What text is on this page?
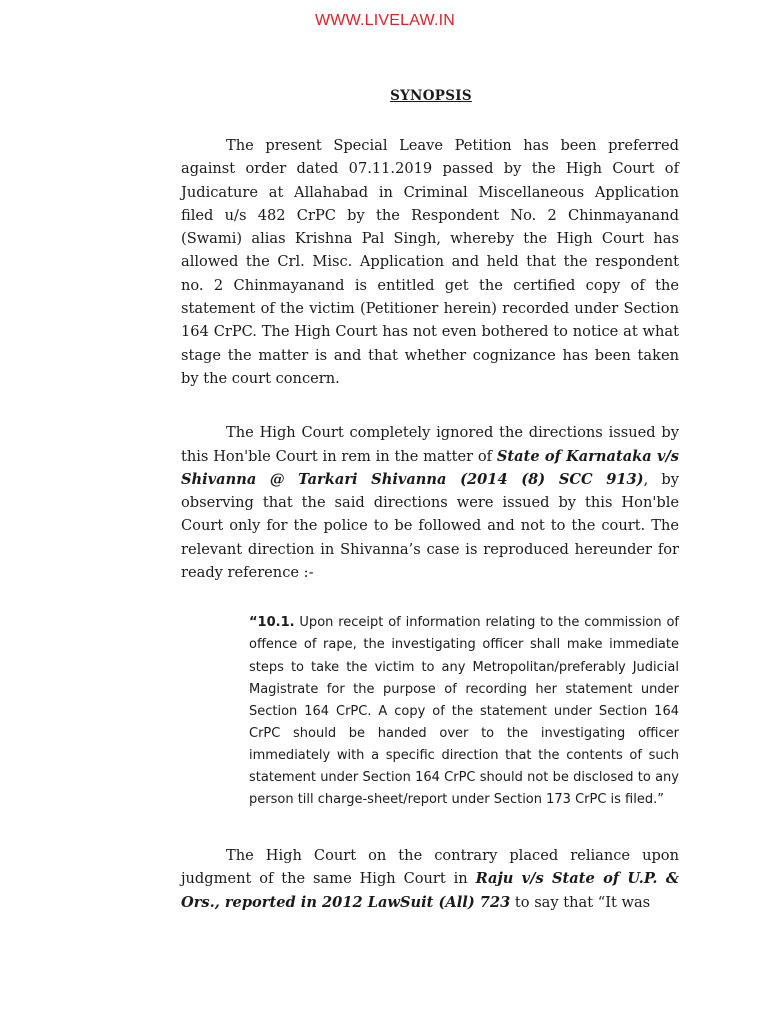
WWW.LIVELAW.IN
SYNOPSIS

The present Special Leave Petition has been preferred against order dated 07.11.2019 passed by the High Court of Judicature at Allahabad in Criminal Miscellaneous Application filed u/s 482 CrPC by the Respondent No. 2 Chinmayanand (Swami) alias Krishna Pal Singh, whereby the High Court has allowed the Crl. Misc. Application and held that the respondent no. 2 Chinmayanand is entitled get the certified copy of the statement of the victim (Petitioner herein) recorded under Section 164 CrPC. The High Court has not even bothered to notice at what stage the matter is and that whether cognizance has been taken by the court concern.

The High Court completely ignored the directions issued by this Hon'ble Court in rem in the matter of State of Karnataka v/s Shivanna @ Tarkari Shivanna (2014 (8) SCC 913), by observing that the said directions were issued by this Hon'ble Court only for the police to be followed and not to the court. The relevant direction in Shivanna’s case is reproduced hereunder for ready reference :-

“10.1. Upon receipt of information relating to the commission of offence of rape, the investigating officer shall make immediate steps to take the victim to any Metropolitan/preferably Judicial Magistrate for the purpose of recording her statement under Section 164 CrPC. A copy of the statement under Section 164 CrPC should be handed over to the investigating officer immediately with a specific direction that the contents of such statement under Section 164 CrPC should not be disclosed to any person till charge-sheet/report under Section 173 CrPC is filed.”

The High Court on the contrary placed reliance upon judgment of the same High Court in Raju v/s State of U.P. & Ors., reported in 2012 LawSuit (All) 723 to say that “It was
